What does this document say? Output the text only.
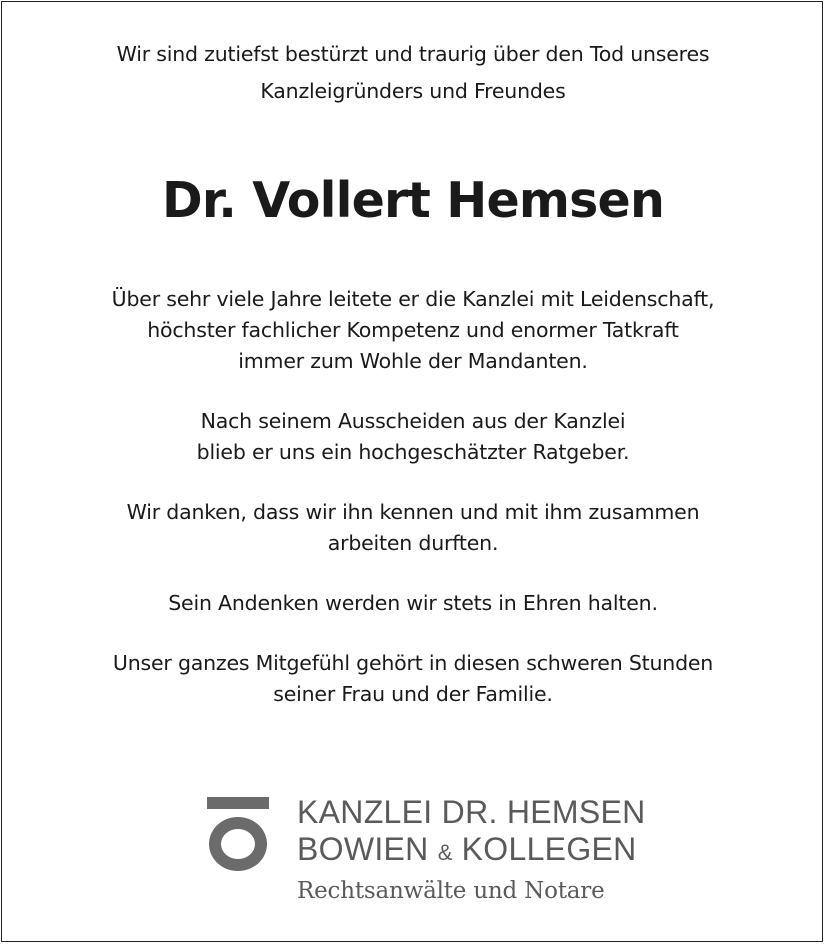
Wir sind zutiefst bestürzt und traurig über den Tod unseres
Kanzleigründers und Freundes
Dr. Vollert Hemsen

Über sehr viele Jahre leitete er die Kanzlei mit Leidenschaft,
höchster fachlicher Kompetenz und enormer Tatkraft
immer zum Wohle der Mandanten.

Nach seinem Ausscheiden aus der Kanzlei
blieb er uns ein hochgeschätzter Ratgeber.

Wir danken, dass wir ihn kennen und mit ihm zusammen
arbeiten durften.

Sein Andenken werden wir stets in Ehren halten.

Unser ganzes Mitgefühl gehört in diesen schweren Stunden
seiner Frau und der Familie.

KANZLEI DR. HEMSEN
BOWIEN & KOLLEGEN
Rechtsanwälte und Notare
